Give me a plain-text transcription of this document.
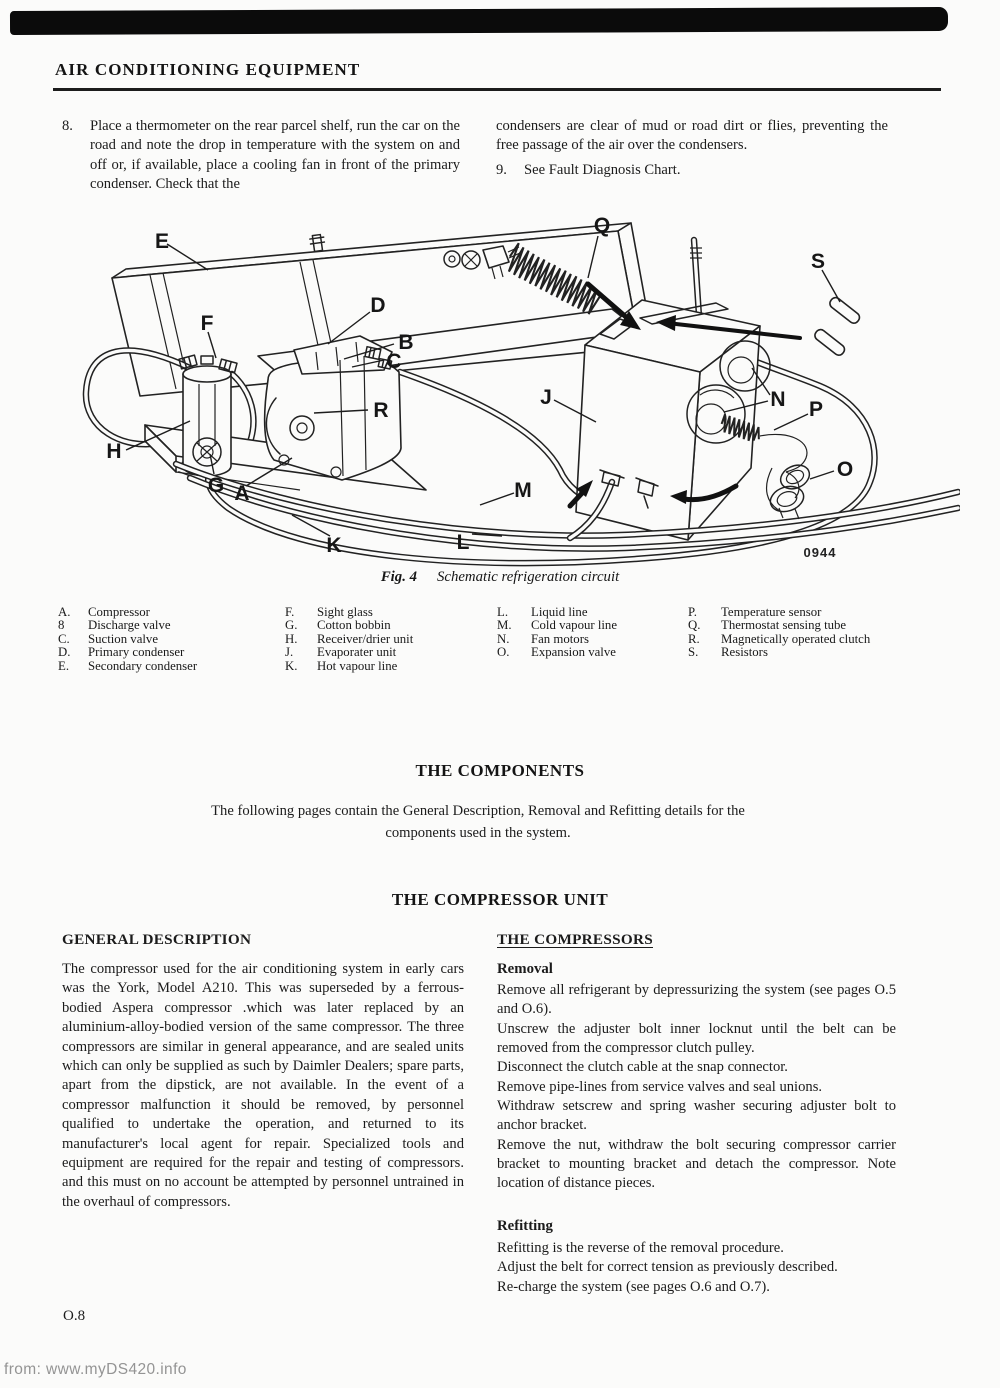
AIR CONDITIONING EQUIPMENT
8.	Place a thermometer on the rear parcel shelf, run the car on the road and note the drop in temperature with the system on and off or, if available, place a cooling fan in front of the primary condenser. Check that the
condensers are clear of mud or road dirt or flies, preventing the free passage of the air over the condensers.
9.	See Fault Diagnosis Chart.
E
Q
S
D
B
C
F
R
H
G A
J	N P
O
M
L
K	0944
Fig. 4 Schematic refrigeration circuit
A.	Compressor
8	Discharge valve
C.	Suction valve
D.	Primary condenser
E.	Secondary condenser
F.	Sight glass
G.	Cotton bobbin
H.	Receiver/drier unit
J.	Evaporater unit
K.	Hot vapour line
L.	Liquid line
M.	Cold vapour line
N.	Fan motors
O.	Expansion valve
P.	Temperature sensor
Q.	Thermostat sensing tube
R.	Magnetically operated clutch
S.	Resistors
THE COMPONENTS
The following pages contain the General Description, Removal and Refitting details for the components used in the system.
THE COMPRESSOR UNIT
GENERAL DESCRIPTION
The compressor used for the air conditioning system in early cars was the York, Model A210. This was superseded by a ferrous-bodied Aspera compressor .which was later replaced by an aluminium-alloy-bodied version of the same compressor. The three compressors are similar in general appearance, and are sealed units which can only be supplied as such by Daimler Dealers; spare parts, apart from the dipstick, are not available. In the event of a compressor malfunction it should be removed, by personnel qualified to undertake the operation, and returned to its manufacturer's local agent for repair. Specialized tools and equipment are required for the repair and testing of compressors. and this must on no account be attempted by personnel untrained in the overhaul of compressors.
THE COMPRESSORS
Removal

Remove all refrigerant by depressurizing the system (see pages O.5 and O.6).

Unscrew the adjuster bolt inner locknut until the belt can be removed from the compressor clutch pulley.

Disconnect the clutch cable at the snap connector.

Remove pipe-lines from service valves and seal unions.

Withdraw setscrew and spring washer securing adjuster bolt to anchor bracket.

Remove the nut, withdraw the bolt securing compressor carrier bracket to mounting bracket and detach the compressor. Note location of distance pieces.

Refitting

Refitting is the reverse of the removal procedure.

Adjust the belt for correct tension as previously described.

Re-charge the system (see pages O.6 and O.7).

O.8
from: www.myDS420.info
